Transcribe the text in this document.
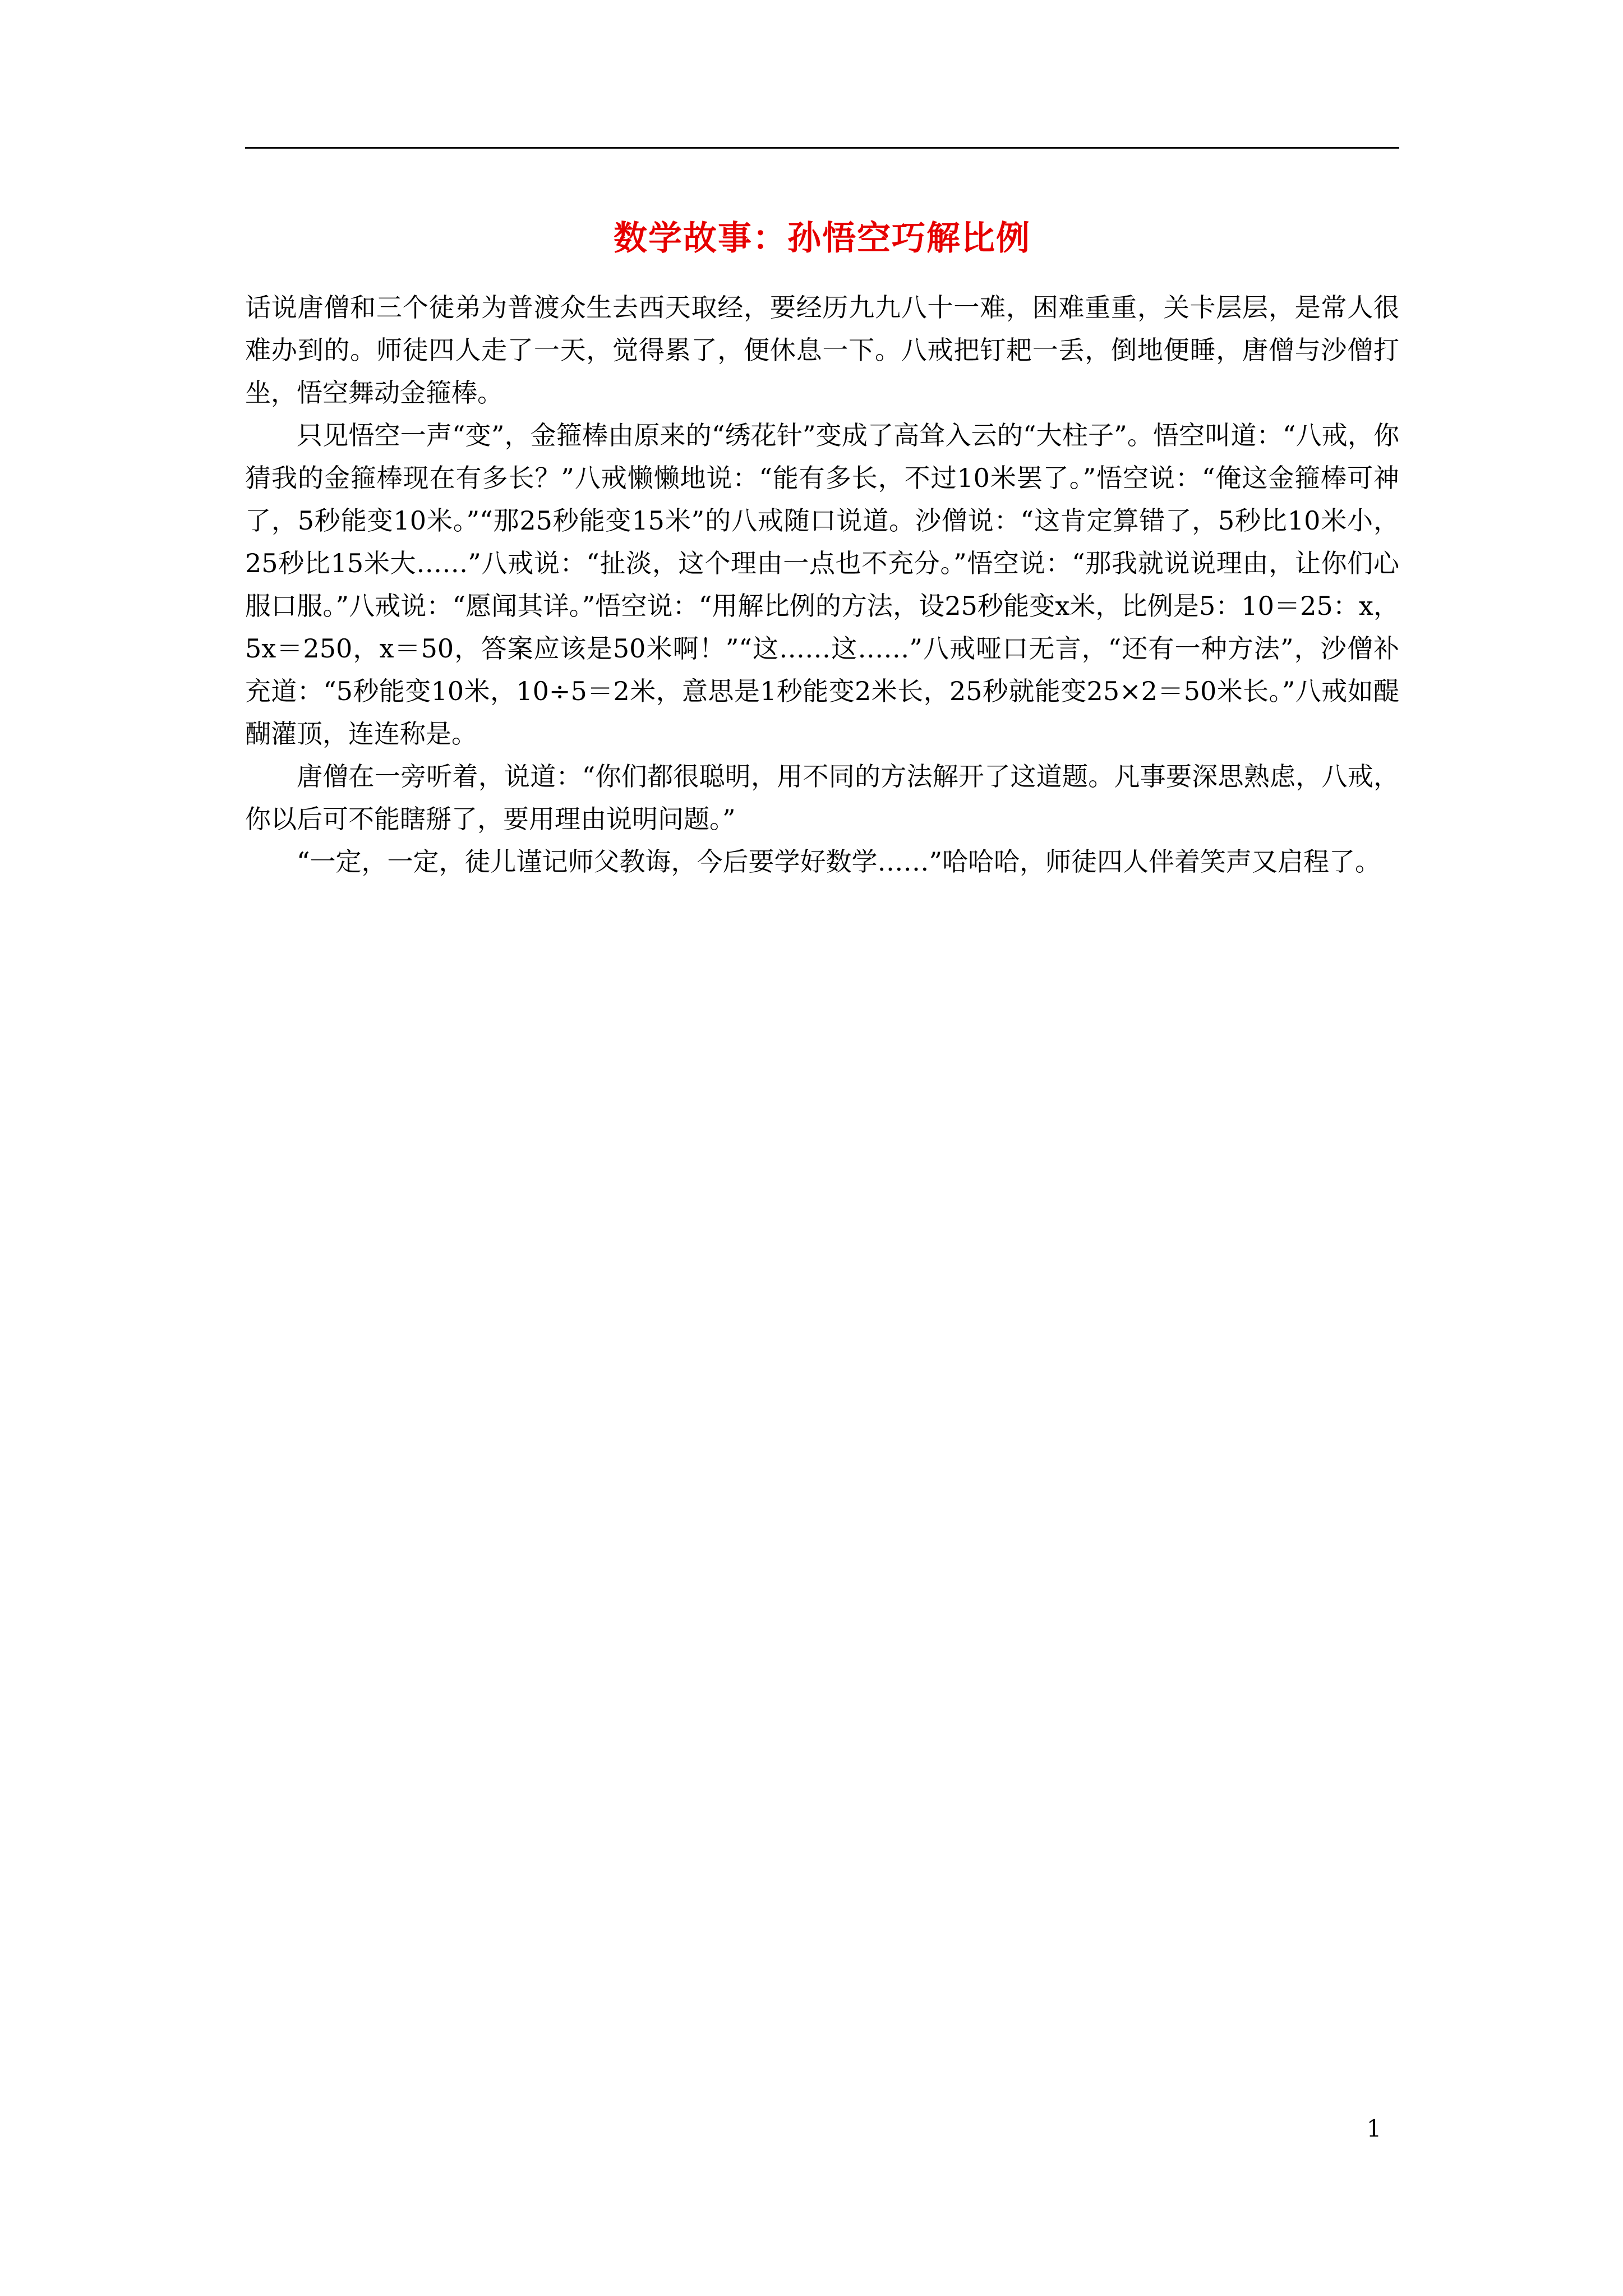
数学故事：孙悟空巧解比例

话说唐僧和三个徒弟为普渡众生去西天取经，要经历九九八十一难，困难重重，关卡层层，是常人很难办到的。师徒四人走了一天，觉得累了，便休息一下。八戒把钉耙一丢，倒地便睡，唐僧与沙僧打坐，悟空舞动金箍棒。

只见悟空一声“变”，金箍棒由原来的“绣花针”变成了高耸入云的“大柱子”。悟空叫道：“八戒，你猜我的金箍棒现在有多长？”八戒懒懒地说：“能有多长，不过10米罢了。”悟空说：“俺这金箍棒可神了，5秒能变10米。”“那25秒能变15米”的八戒随口说道。沙僧说：“这肯定算错了，5秒比10米小，25秒比15米大……”八戒说：“扯淡，这个理由一点也不充分。”悟空说：“那我就说说理由，让你们心服口服。”八戒说：“愿闻其详。”悟空说：“用解比例的方法，设25秒能变x米，比例是5：10＝25：x，5x＝250，x＝50，答案应该是50米啊！”“这……这……”八戒哑口无言，“还有一种方法”，沙僧补充道：“5秒能变10米，10÷5＝2米，意思是1秒能变2米长，25秒就能变25×2＝50米长。”八戒如醍醐灌顶，连连称是。

唐僧在一旁听着，说道：“你们都很聪明，用不同的方法解开了这道题。凡事要深思熟虑，八戒，你以后可不能瞎掰了，要用理由说明问题。”

“一定，一定，徒儿谨记师父教诲，今后要学好数学……”哈哈哈，师徒四人伴着笑声又启程了。

1
